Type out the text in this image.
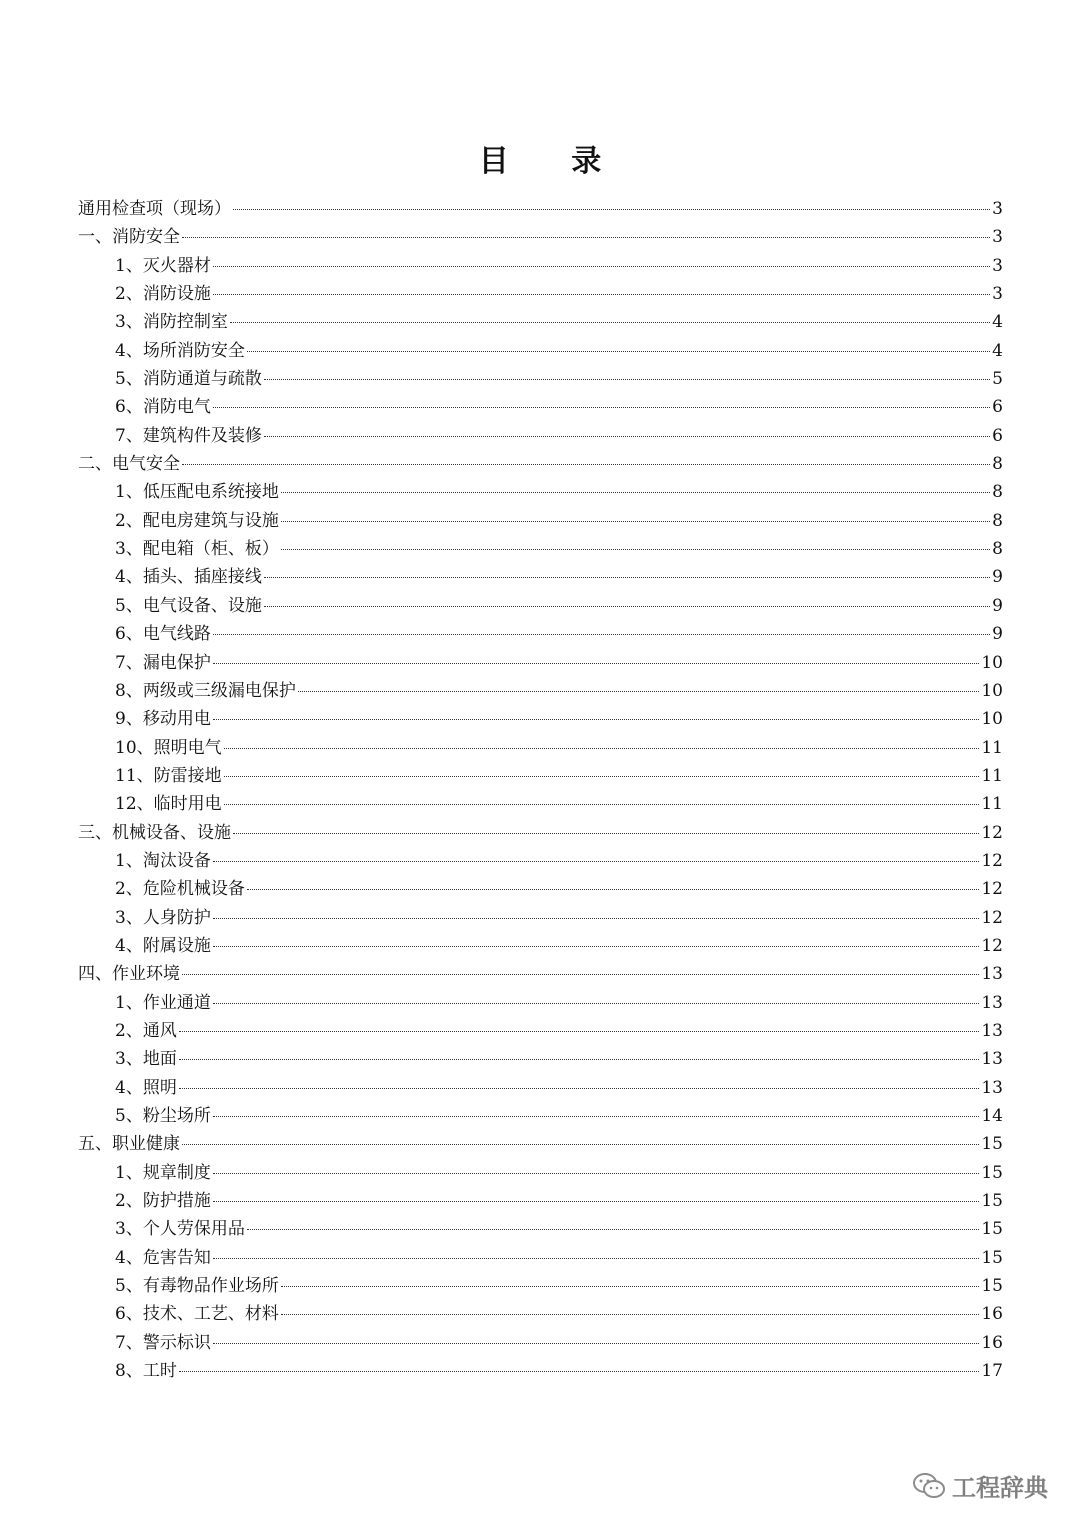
目 录
通用检查项（现场）	3
一、消防安全	3
1、灭火器材	3
2、消防设施	3
3、消防控制室	4
4、场所消防安全	4
5、消防通道与疏散	5
6、消防电气	6
7、建筑构件及装修	6
二、电气安全	8
1、低压配电系统接地	8
2、配电房建筑与设施	8
3、配电箱（柜、板）	8
4、插头、插座接线	9
5、电气设备、设施	9
6、电气线路	9
7、漏电保护	10
8、两级或三级漏电保护	10
9、移动用电	10
10、照明电气	11
11、防雷接地	11
12、临时用电	11
三、机械设备、设施	12
1、淘汰设备	12
2、危险机械设备	12
3、人身防护	12
4、附属设施	12
四、作业环境	13
1、作业通道	13
2、通风	13
3、地面	13
4、照明	13
5、粉尘场所	14
五、职业健康	15
1、规章制度	15
2、防护措施	15
3、个人劳保用品	15
4、危害告知	15
5、有毒物品作业场所	15
6、技术、工艺、材料	16
7、警示标识	16
8、工时	17
工程辞典
